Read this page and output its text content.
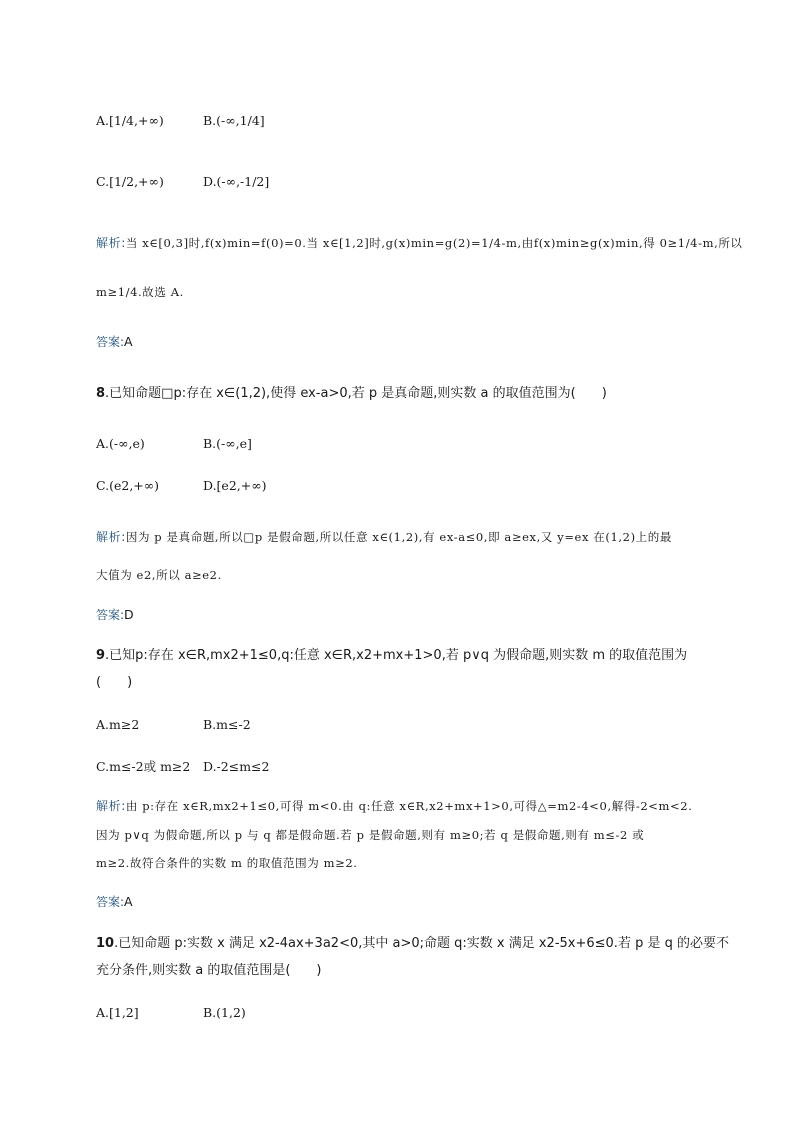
A.[1/4,+∞)	B.(-∞,1/4]
C.[1/2,+∞)	D.(-∞,-1/2]
解析:当 x∈[0,3]时,f(x)min=f(0)=0.当 x∈[1,2]时,g(x)min=g(2)=1/4-m,由f(x)min≥g(x)min,得 0≥1/4-m,所以
m≥1/4.故选 A.
答案:A
8.已知命题□p:存在 x∈(1,2),使得 ex-a>0,若 p 是真命题,则实数 a 的取值范围为(　　)
A.(-∞,e)	B.(-∞,e]
C.(e2,+∞)	D.[e2,+∞)
解析:因为 p 是真命题,所以□p 是假命题,所以任意 x∈(1,2),有 ex-a≤0,即 a≥ex,又 y=ex 在(1,2)上的最
大值为 e2,所以 a≥e2.
答案:D
9.已知p:存在 x∈R,mx2+1≤0,q:任意 x∈R,x2+mx+1>0,若 p∨q 为假命题,则实数 m 的取值范围为
(　　)
A.m≥2	B.m≤-2
C.m≤-2或 m≥2 D.-2≤m≤2
解析:由 p:存在 x∈R,mx2+1≤0,可得 m<0.由 q:任意 x∈R,x2+mx+1>0,可得△=m2-4<0,解得-2<m<2.
因为 p∨q 为假命题,所以 p 与 q 都是假命题.若 p 是假命题,则有 m≥0;若 q 是假命题,则有 m≤-2 或
m≥2.故符合条件的实数 m 的取值范围为 m≥2.
答案:A
10.已知命题 p:实数 x 满足 x2-4ax+3a2<0,其中 a>0;命题 q:实数 x 满足 x2-5x+6≤0.若 p 是 q 的必要不
充分条件,则实数 a 的取值范围是(　　)
A.[1,2]	B.(1,2)
